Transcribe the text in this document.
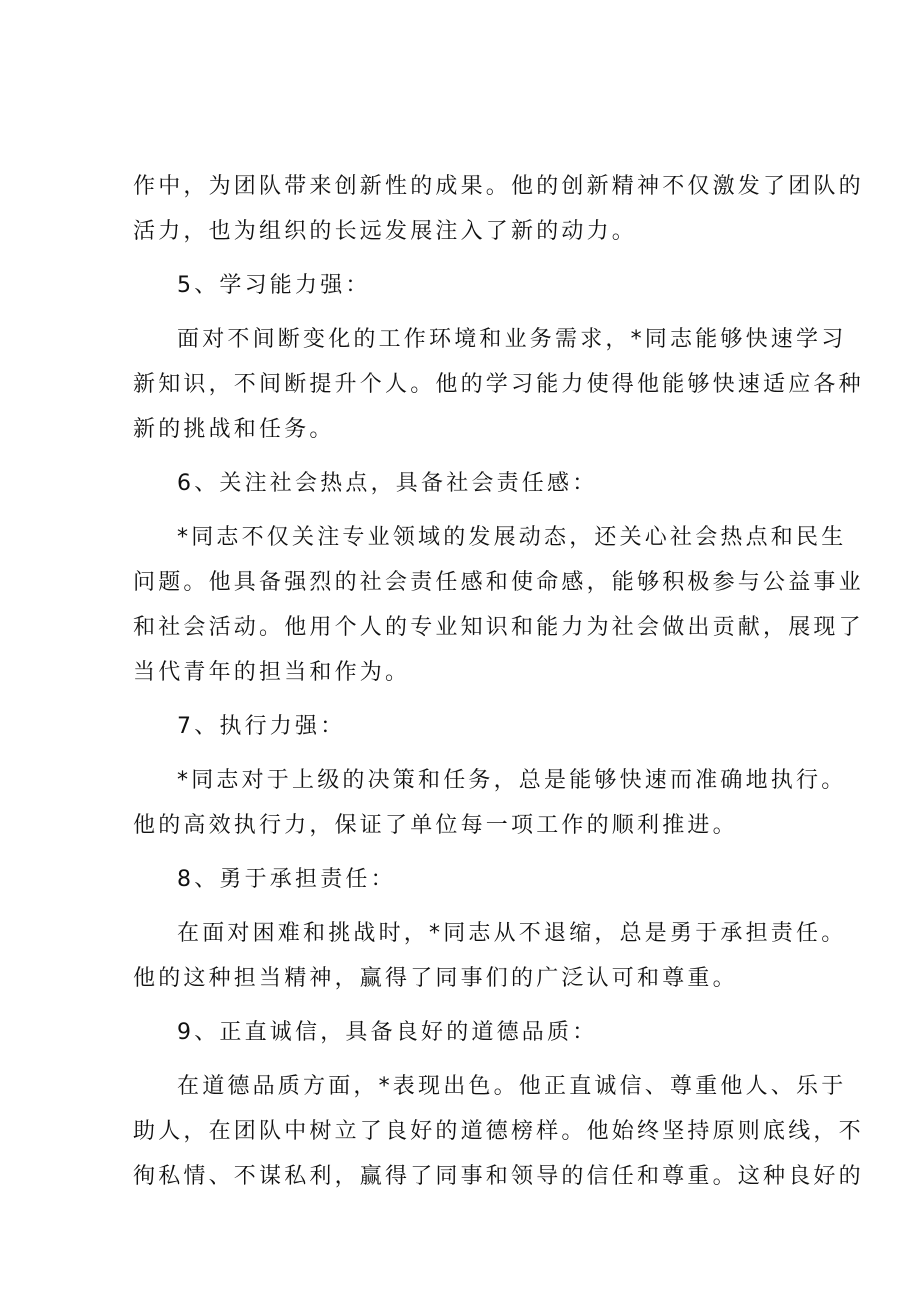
作中，为团队带来创新性的成果。他的创新精神不仅激发了团队的
活力，也为组织的长远发展注入了新的动力。
5、学习能力强：
面对不间断变化的工作环境和业务需求，*同志能够快速学习
新知识，不间断提升个人。他的学习能力使得他能够快速适应各种
新的挑战和任务。
6、关注社会热点，具备社会责任感：
*同志不仅关注专业领域的发展动态，还关心社会热点和民生
问题。他具备强烈的社会责任感和使命感，能够积极参与公益事业
和社会活动。他用个人的专业知识和能力为社会做出贡献，展现了
当代青年的担当和作为。
7、执行力强：
*同志对于上级的决策和任务，总是能够快速而准确地执行。
他的高效执行力，保证了单位每一项工作的顺利推进。
8、勇于承担责任：
在面对困难和挑战时，*同志从不退缩，总是勇于承担责任。
他的这种担当精神，赢得了同事们的广泛认可和尊重。
9、正直诚信，具备良好的道德品质：
在道德品质方面，*表现出色。他正直诚信、尊重他人、乐于
助人，在团队中树立了良好的道德榜样。他始终坚持原则底线，不
徇私情、不谋私利，赢得了同事和领导的信任和尊重。这种良好的
